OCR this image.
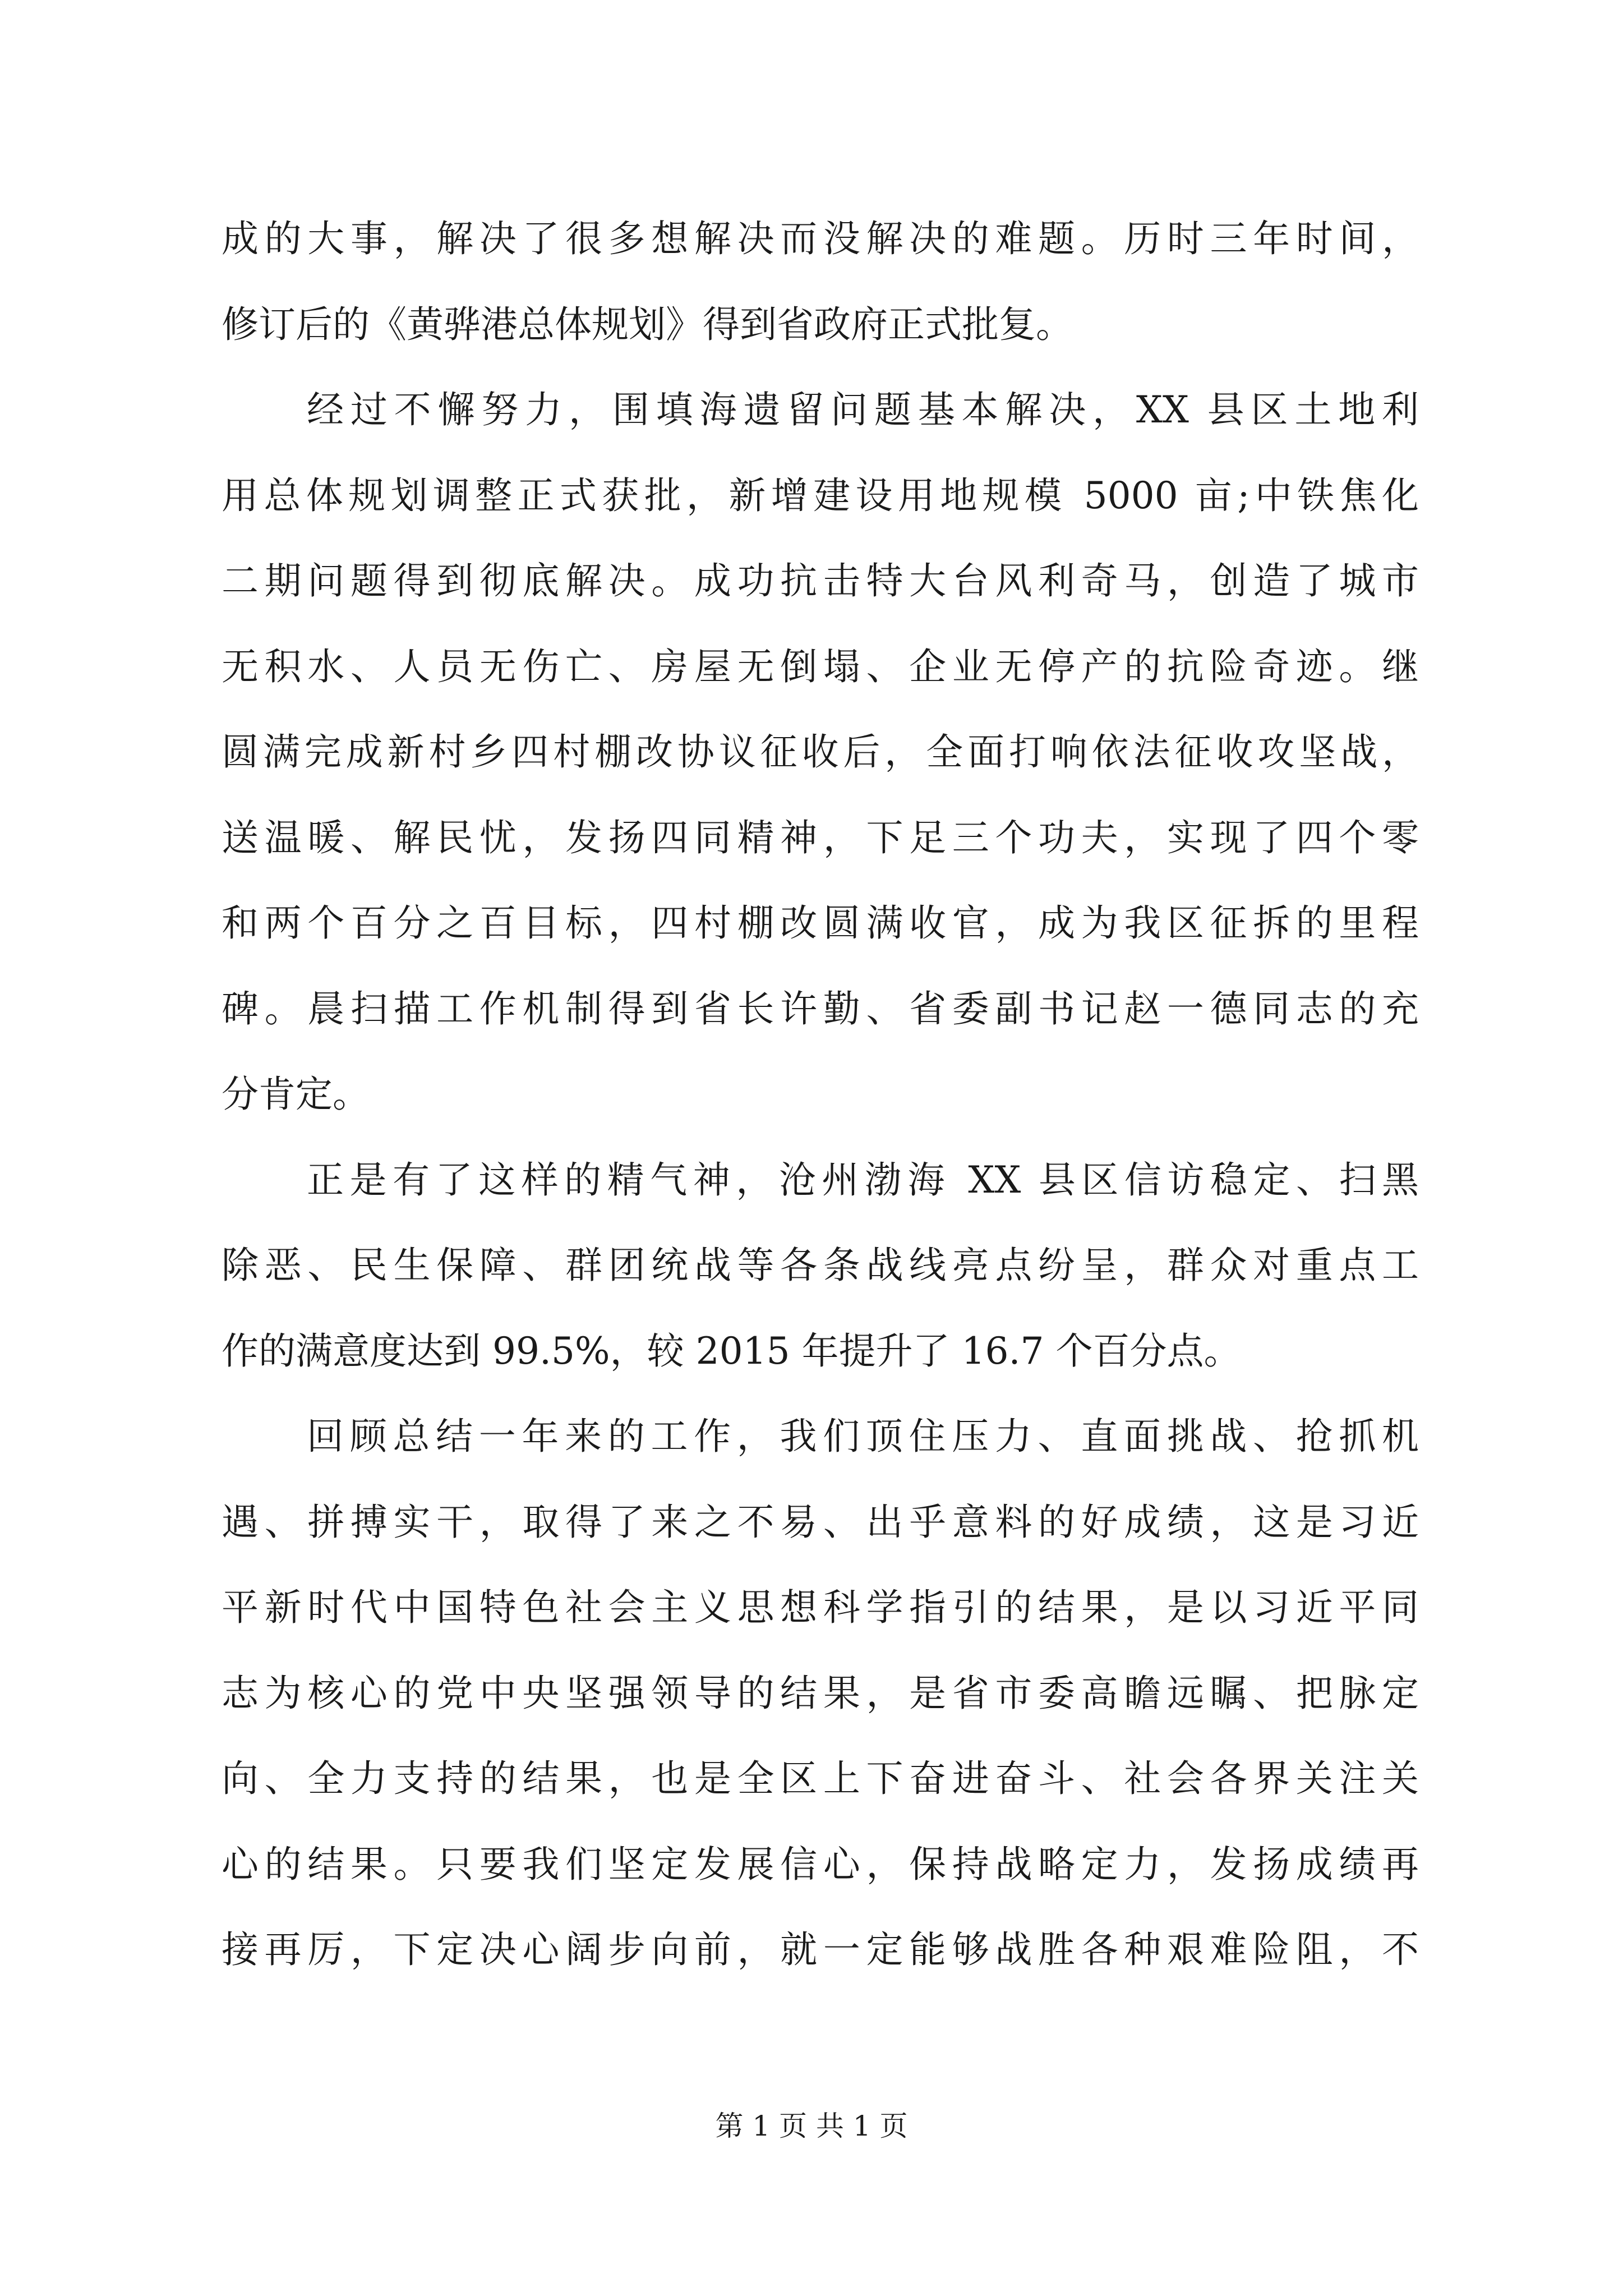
成的大事，解决了很多想解决而没解决的难题。历时三年时间，
修订后的《黄骅港总体规划》得到省政府正式批复。
经过不懈努力，围填海遗留问题基本解决，XX 县区土地利
用总体规划调整正式获批，新增建设用地规模 5000 亩;中铁焦化
二期问题得到彻底解决。成功抗击特大台风利奇马，创造了城市
无积水、人员无伤亡、房屋无倒塌、企业无停产的抗险奇迹。继
圆满完成新村乡四村棚改协议征收后，全面打响依法征收攻坚战，
送温暖、解民忧，发扬四同精神，下足三个功夫，实现了四个零
和两个百分之百目标，四村棚改圆满收官，成为我区征拆的里程
碑。晨扫描工作机制得到省长许勤、省委副书记赵一德同志的充
分肯定。
正是有了这样的精气神，沧州渤海 XX 县区信访稳定、扫黑
除恶、民生保障、群团统战等各条战线亮点纷呈，群众对重点工
作的满意度达到 99.5%，较 2015 年提升了 16.7 个百分点。
回顾总结一年来的工作，我们顶住压力、直面挑战、抢抓机
遇、拼搏实干，取得了来之不易、出乎意料的好成绩，这是习近
平新时代中国特色社会主义思想科学指引的结果，是以习近平同
志为核心的党中央坚强领导的结果，是省市委高瞻远瞩、把脉定
向、全力支持的结果，也是全区上下奋进奋斗、社会各界关注关
心的结果。只要我们坚定发展信心，保持战略定力，发扬成绩再
接再厉，下定决心阔步向前，就一定能够战胜各种艰难险阻，不
第 1 页 共 1 页
